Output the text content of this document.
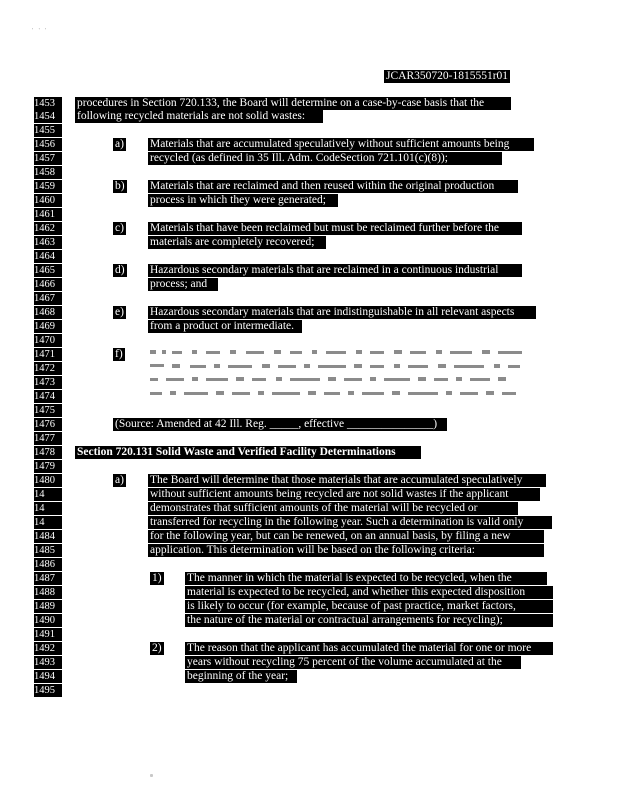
' ' '
JCAR350720-1815551r01
1453
1454
1455
1456
1457
1458
1459
1460
1461
1462
1463
1464
1465
1466
1467
1468
1469
1470
1471
1472
1473
1474
1475
1476
1477
1478
1479
1480
14
14
14
1484
1485
1486
1487
1488
1489
1490
1491
1492
1493
1494
1495
procedures in Section 720.133, the Board will determine on a case-by-case basis that the
following recycled materials are not solid wastes:
a) Materials that are accumulated speculatively without sufficient amounts being
recycled (as defined in 35 Ill. Adm. CodeSection 721.101(c)(8));
b) Materials that are reclaimed and then reused within the original production
process in which they were generated;
c) Materials that have been reclaimed but must be reclaimed further before the
materials are completely recovered;
d) Hazardous secondary materials that are reclaimed in a continuous industrial
process; and
e) Hazardous secondary materials that are indistinguishable in all relevant aspects
from a product or intermediate.
f)
(Source: Amended at 42 Ill. Reg. _____, effective _______________)
Section 720.131 Solid Waste and Verified Facility Determinations
a) The Board will determine that those materials that are accumulated speculatively
without sufficient amounts being recycled are not solid wastes if the applicant
demonstrates that sufficient amounts of the material will be recycled or
transferred for recycling in the following year. Such a determination is valid only
for the following year, but can be renewed, on an annual basis, by filing a new
application. This determination will be based on the following criteria:
1) The manner in which the material is expected to be recycled, when the
material is expected to be recycled, and whether this expected disposition
is likely to occur (for example, because of past practice, market factors,
the nature of the material or contractual arrangements for recycling);
2) The reason that the applicant has accumulated the material for one or more
years without recycling 75 percent of the volume accumulated at the
beginning of the year;
